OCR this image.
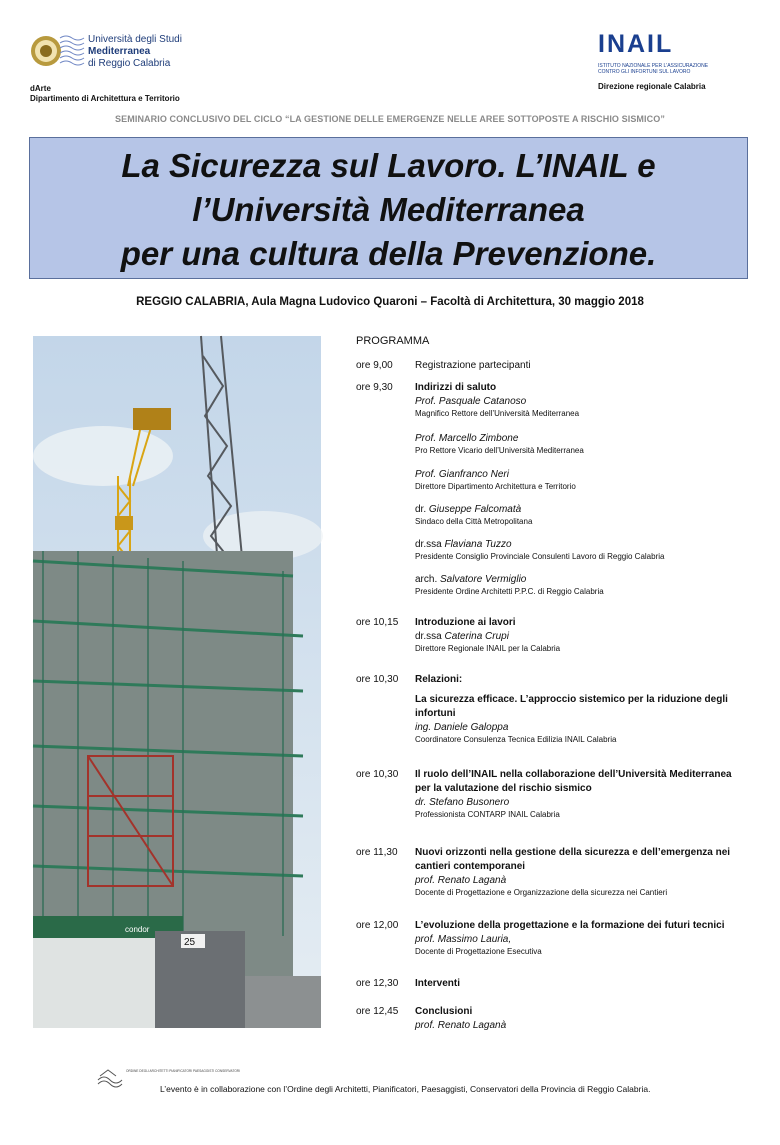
Università degli Studi
Mediterranea
di Reggio Calabria
dArte
Dipartimento di Architettura e Territorio
INAIL
ISTITUTO NAZIONALE PER L'ASSICURAZIONE CONTRO GLI INFORTUNI SUL LAVORO
Direzione regionale Calabria
SEMINARIO CONCLUSIVO DEL CICLO “LA GESTIONE DELLE EMERGENZE NELLE AREE SOTTOPOSTE A RISCHIO SISMICO”
La Sicurezza sul Lavoro. L’INAIL e
l’Università Mediterranea
per una cultura della Prevenzione.
REGGIO CALABRIA, Aula Magna Ludovico Quaroni – Facoltà di Architettura, 30 maggio 2018
condor
25
PROGRAMMA
ore 9,00 Registrazione partecipanti
ore 9,30 Indirizzi di saluto
Prof. Pasquale Catanoso
Magnifico Rettore dell’Università Mediterranea
Prof. Marcello Zimbone
Pro Rettore Vicario dell’Università Mediterranea
Prof. Gianfranco Neri
Direttore Dipartimento Architettura e Territorio
dr. Giuseppe Falcomatà
Sindaco della Città Metropolitana
dr.ssa Flaviana Tuzzo
Presidente Consiglio Provinciale Consulenti Lavoro di Reggio Calabria
arch. Salvatore Vermiglio
Presidente Ordine Architetti P.P.C. di Reggio Calabria
ore 10,15 Introduzione ai lavori
dr.ssa Caterina Crupi
Direttore Regionale INAIL per la Calabria
ore 10,30 Relazioni:
La sicurezza efficace. L’approccio sistemico per la riduzione degli
infortuni
ing. Daniele Galoppa
Coordinatore Consulenza Tecnica Edilizia INAIL Calabria
ore 10,30 Il ruolo dell’INAIL nella collaborazione dell’Università Mediterranea
per la valutazione del rischio sismico
dr. Stefano Busonero
Professionista CONTARP INAIL Calabria
ore 11,30 Nuovi orizzonti nella gestione della sicurezza e dell’emergenza nei
cantieri contemporanei
prof. Renato Laganà
Docente di Progettazione e Organizzazione della sicurezza nei Cantieri
ore 12,00 L’evoluzione della progettazione e la formazione dei futuri tecnici
prof. Massimo Lauria,
Docente di Progettazione Esecutiva
ore 12,30 Interventi
ore 12,45 Conclusioni
prof. Renato Laganà
ORDINE DEGLI ARCHITETTI PIANIFICATORI PAESAGGISTI CONSERVATORI
L’evento è in collaborazione con l’Ordine degli Architetti, Pianificatori, Paesaggisti, Conservatori della Provincia di Reggio Calabria.
